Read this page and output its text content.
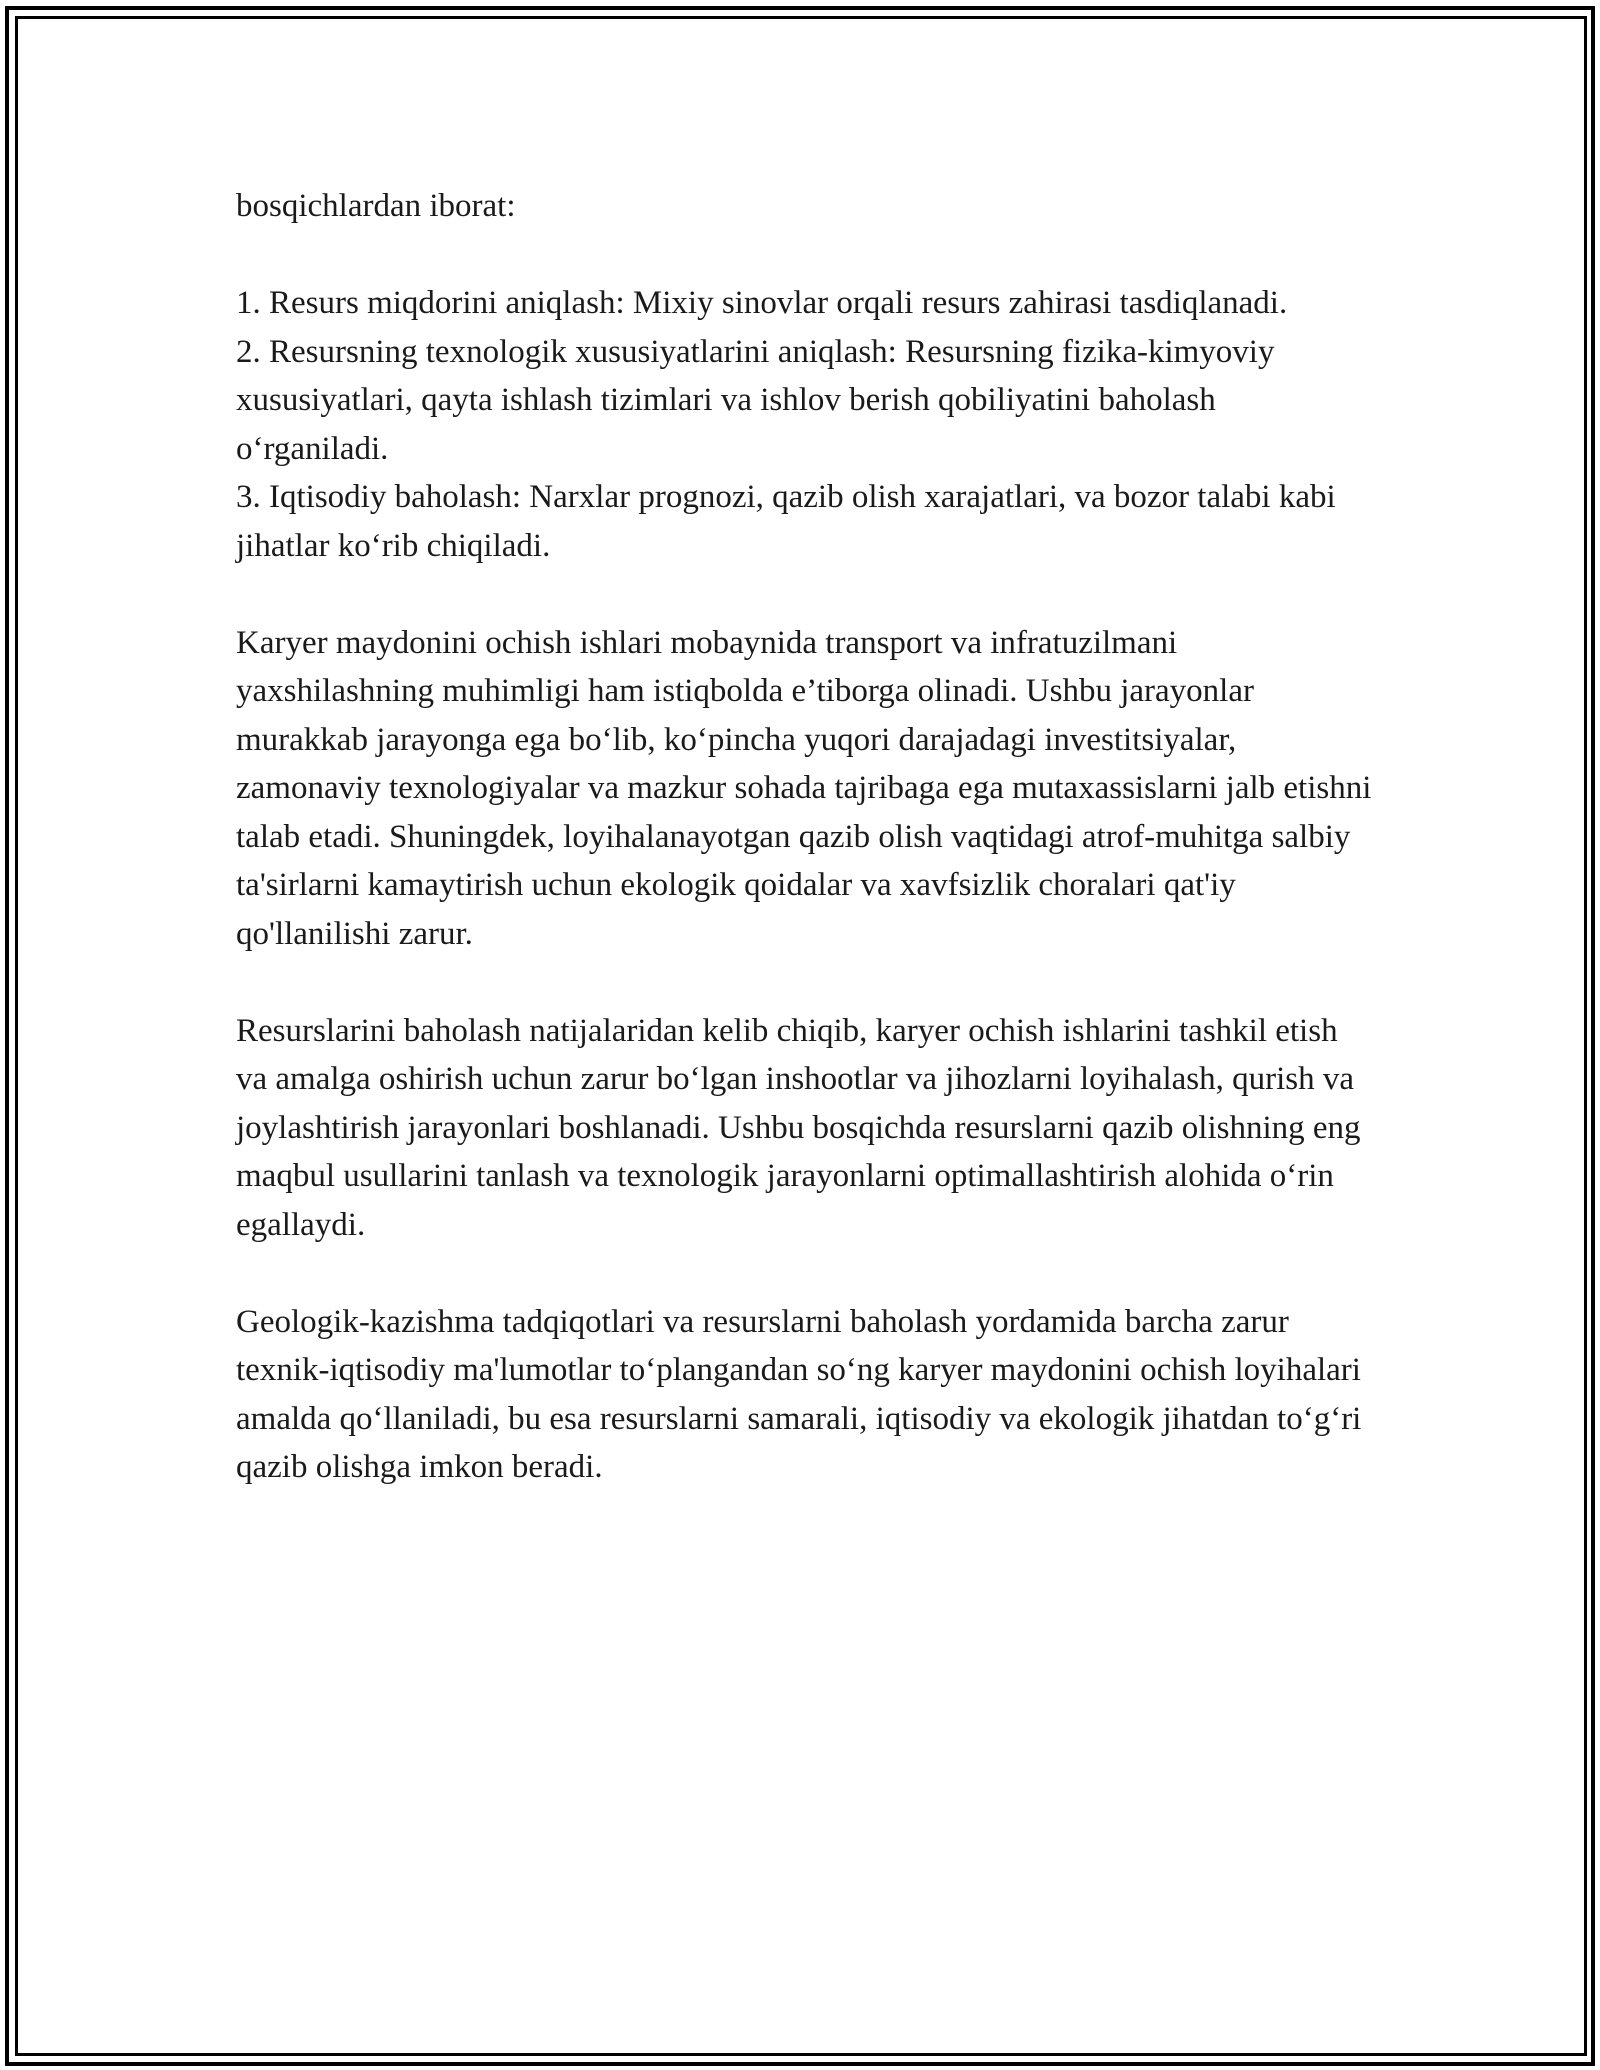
bosqichlardan iborat:

1. Resurs miqdorini aniqlash: Mixiy sinovlar orqali resurs zahirasi tasdiqlanadi.
2. Resursning texnologik xususiyatlarini aniqlash: Resursning fizika-kimyoviy xususiyatlari, qayta ishlash tizimlari va ishlov berish qobiliyatini baholash o‘rganiladi.
3. Iqtisodiy baholash: Narxlar prognozi, qazib olish xarajatlari, va bozor talabi kabi jihatlar ko‘rib chiqiladi.

Karyer maydonini ochish ishlari mobaynida transport va infratuzilmani yaxshilashning muhimligi ham istiqbolda e’tiborga olinadi. Ushbu jarayonlar murakkab jarayonga ega bo‘lib, ko‘pincha yuqori darajadagi investitsiyalar, zamonaviy texnologiyalar va mazkur sohada tajribaga ega mutaxassislarni jalb etishni talab etadi. Shuningdek, loyihalanayotgan qazib olish vaqtidagi atrof-muhitga salbiy ta'sirlarni kamaytirish uchun ekologik qoidalar va xavfsizlik choralari qat'iy qo'llanilishi zarur.

Resurslarini baholash natijalaridan kelib chiqib, karyer ochish ishlarini tashkil etish va amalga oshirish uchun zarur bo‘lgan inshootlar va jihozlarni loyihalash, qurish va joylashtirish jarayonlari boshlanadi. Ushbu bosqichda resurslarni qazib olishning eng maqbul usullarini tanlash va texnologik jarayonlarni optimallashtirish alohida o‘rin egallaydi.

Geologik-kazishma tadqiqotlari va resurslarni baholash yordamida barcha zarur texnik-iqtisodiy ma'lumotlar to‘plangandan so‘ng karyer maydonini ochish loyihalari amalda qo‘llaniladi, bu esa resurslarni samarali, iqtisodiy va ekologik jihatdan to‘g‘ri qazib olishga imkon beradi.
